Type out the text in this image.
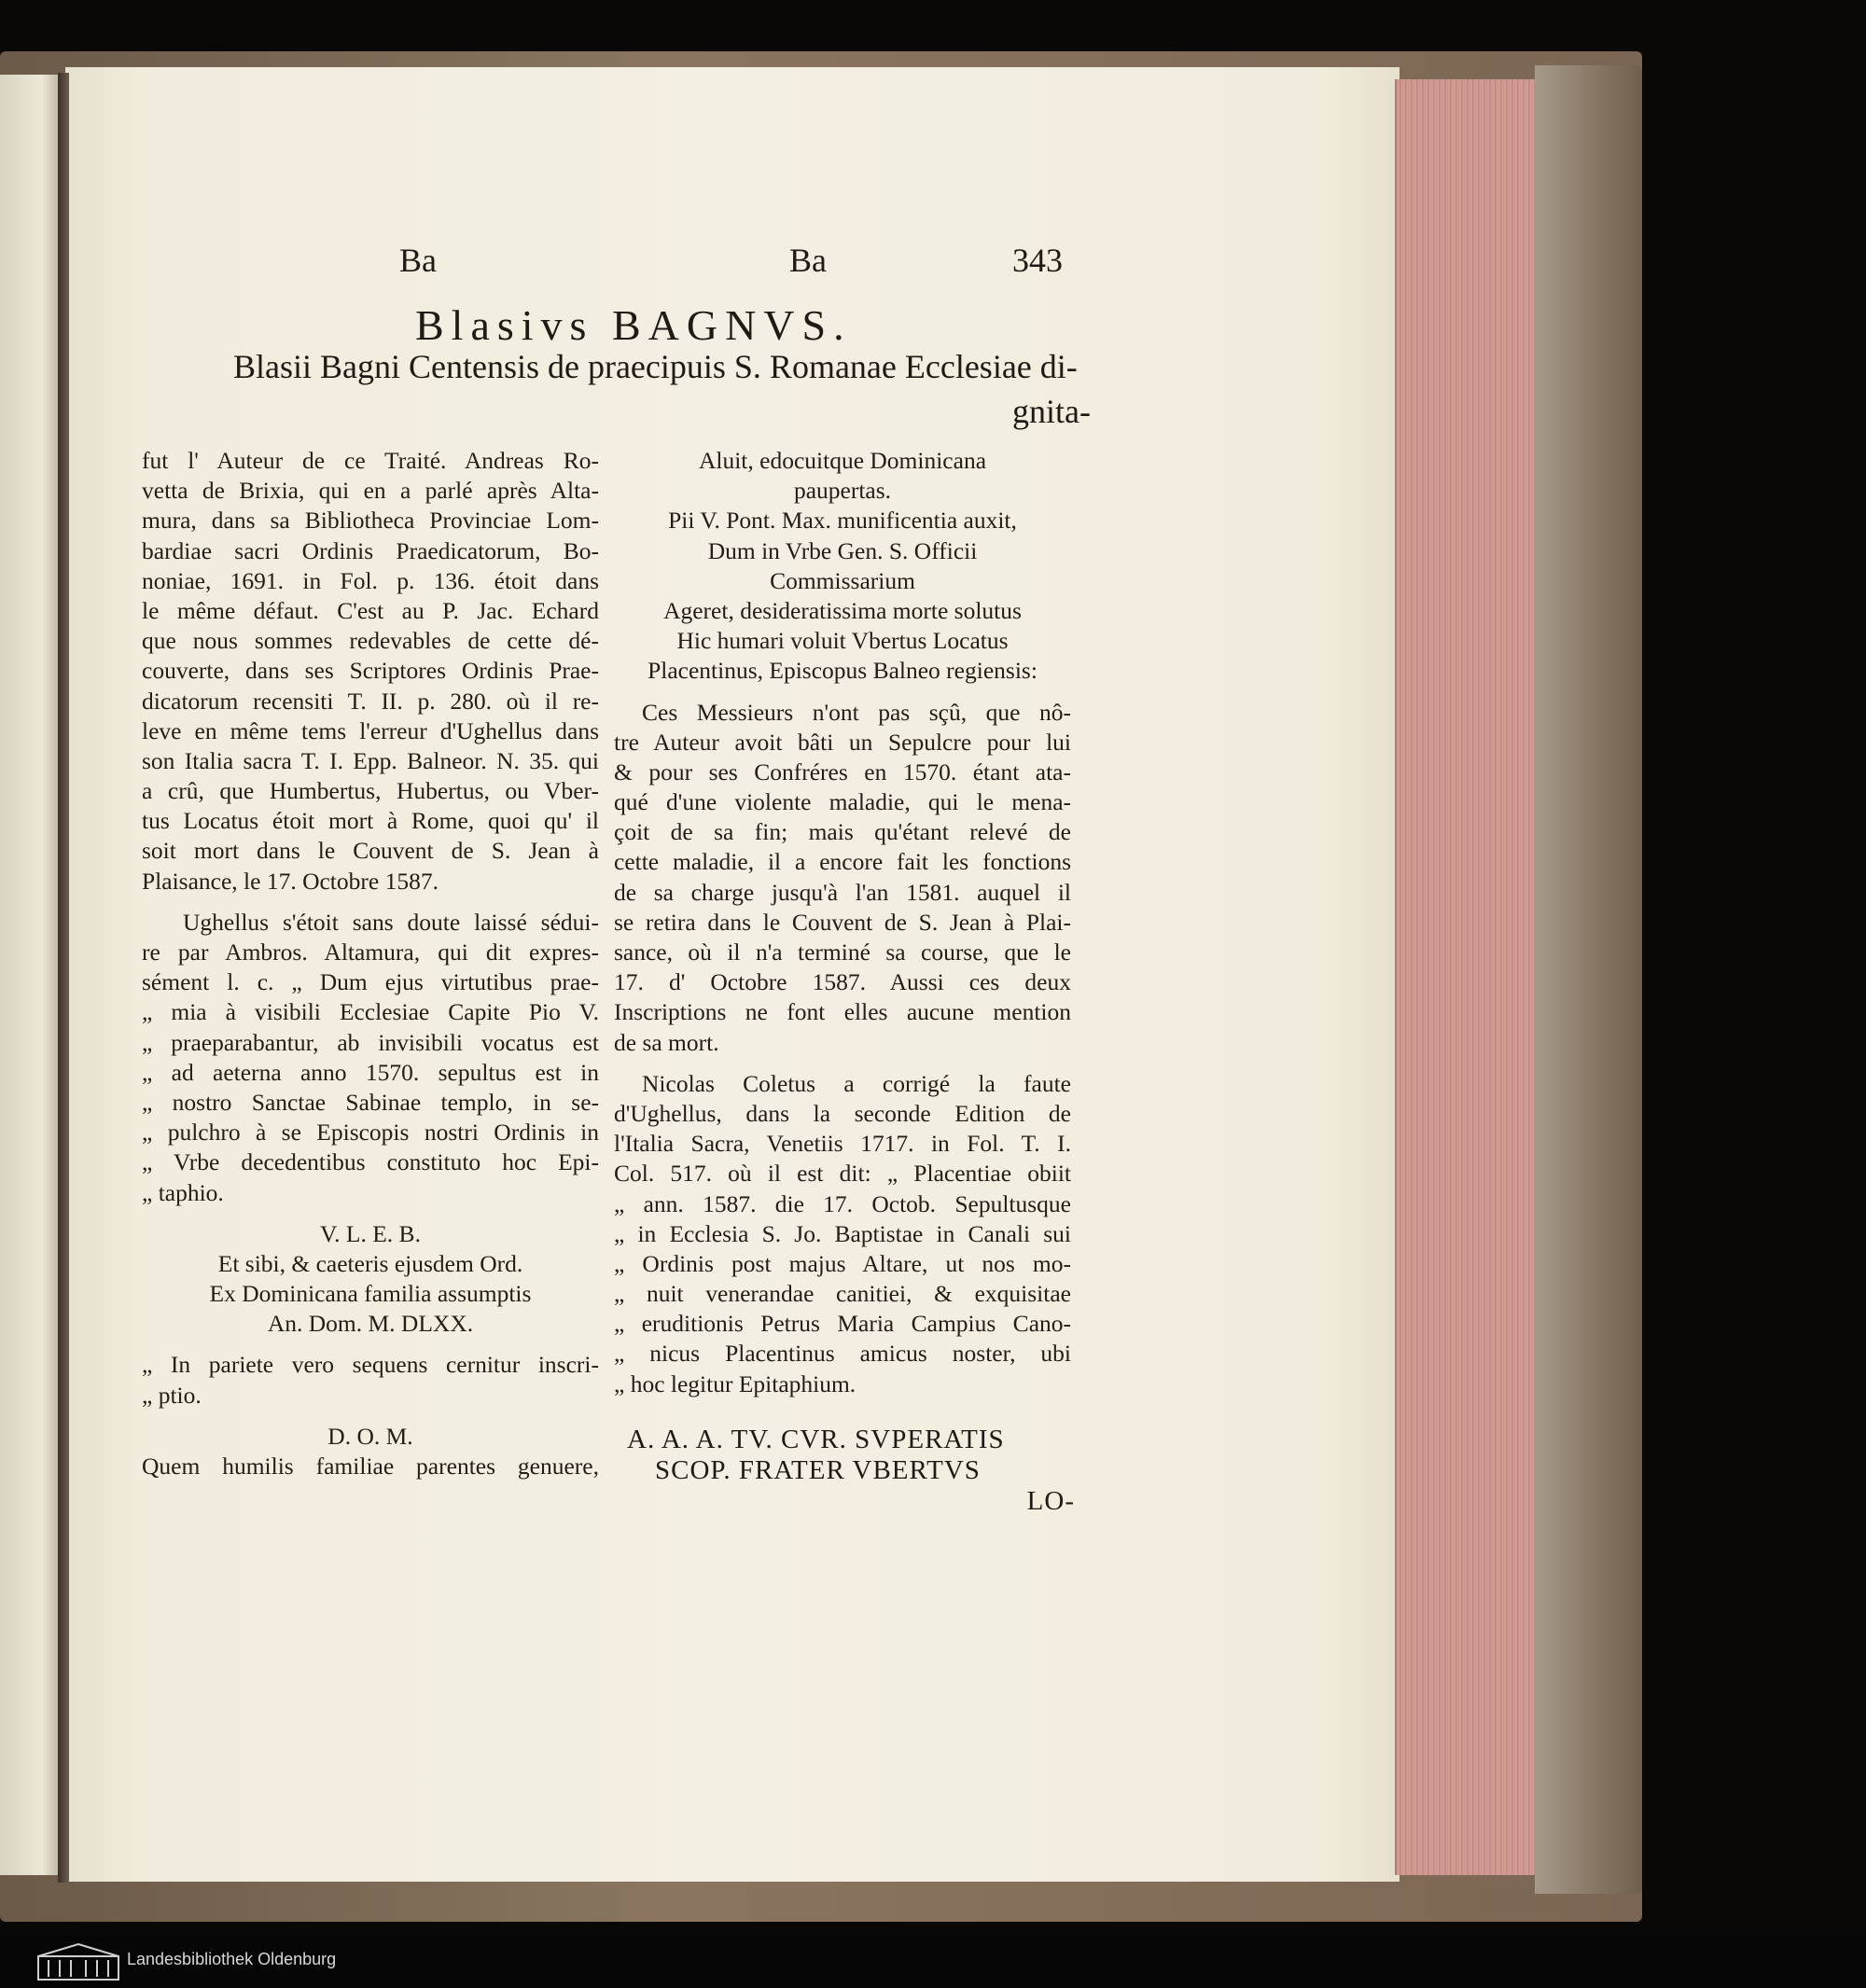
Ba	Ba	343
Blasivs BAGNVS.
Blasii Bagni Centensis de praecipuis S. Romanae Ecclesiae di-
gnita-
fut l' Auteur de ce Traité. Andreas Ro-
vetta de Brixia, qui en a parlé après Alta-
mura, dans sa Bibliotheca Provinciae Lom-
bardiae sacri Ordinis Praedicatorum, Bo-
noniae, 1691. in Fol. p. 136. étoit dans
le même défaut. C'est au P. Jac. Echard
que nous sommes redevables de cette dé-
couverte, dans ses Scriptores Ordinis Prae-
dicatorum recensiti T. II. p. 280. où il re-
leve en même tems l'erreur d'Ughellus dans
son Italia sacra T. I. Epp. Balneor. N. 35. qui
a crû, que Humbertus, Hubertus, ou Vber-
tus Locatus étoit mort à Rome, quoi qu' il
soit mort dans le Couvent de S. Jean à
Plaisance, le 17. Octobre 1587.
Ughellus s'étoit sans doute laissé sédui-
re par Ambros. Altamura, qui dit expres-
sément l. c. „ Dum ejus virtutibus prae-
„ mia à visibili Ecclesiae Capite Pio V.
„ praeparabantur, ab invisibili vocatus est
„ ad aeterna anno 1570. sepultus est in
„ nostro Sanctae Sabinae templo, in se-
„ pulchro à se Episcopis nostri Ordinis in
„ Vrbe decedentibus constituto hoc Epi-
„ taphio.
V. L. E. B.
Et sibi, & caeteris ejusdem Ord.
Ex Dominicana familia assumptis
An. Dom. M. DLXX.
„ In pariete vero sequens cernitur inscri-
„ ptio.
D. O. M.
Quem humilis familiae parentes genuere,
Aluit, edocuitque Dominicana
paupertas.
Pii V. Pont. Max. munificentia auxit,
Dum in Vrbe Gen. S. Officii
Commissarium
Ageret, desideratissima morte solutus
Hic humari voluit Vbertus Locatus
Placentinus, Episcopus Balneo regiensis:
Ces Messieurs n'ont pas sçû, que nô-
tre Auteur avoit bâti un Sepulcre pour lui
& pour ses Confréres en 1570. étant ata-
qué d'une violente maladie, qui le mena-
çoit de sa fin; mais qu'étant relevé de
cette maladie, il a encore fait les fonctions
de sa charge jusqu'à l'an 1581. auquel il
se retira dans le Couvent de S. Jean à Plai-
sance, où il n'a terminé sa course, que le
17. d' Octobre 1587. Aussi ces deux
Inscriptions ne font elles aucune mention
de sa mort.
Nicolas Coletus a corrigé la faute
d'Ughellus, dans la seconde Edition de
l'Italia Sacra, Venetiis 1717. in Fol. T. I.
Col. 517. où il est dit: „ Placentiae obiit
„ ann. 1587. die 17. Octob. Sepultusque
„ in Ecclesia S. Jo. Baptistae in Canali sui
„ Ordinis post majus Altare, ut nos mo-
„ nuit venerandae canitiei, & exquisitae
„ eruditionis Petrus Maria Campius Cano-
„ nicus Placentinus amicus noster, ubi
„ hoc legitur Epitaphium.
A. A. A. TV. CVR. SVPERATIS
SCOP. FRATER VBERTVS
LO-
Landesbibliothek Oldenburg
